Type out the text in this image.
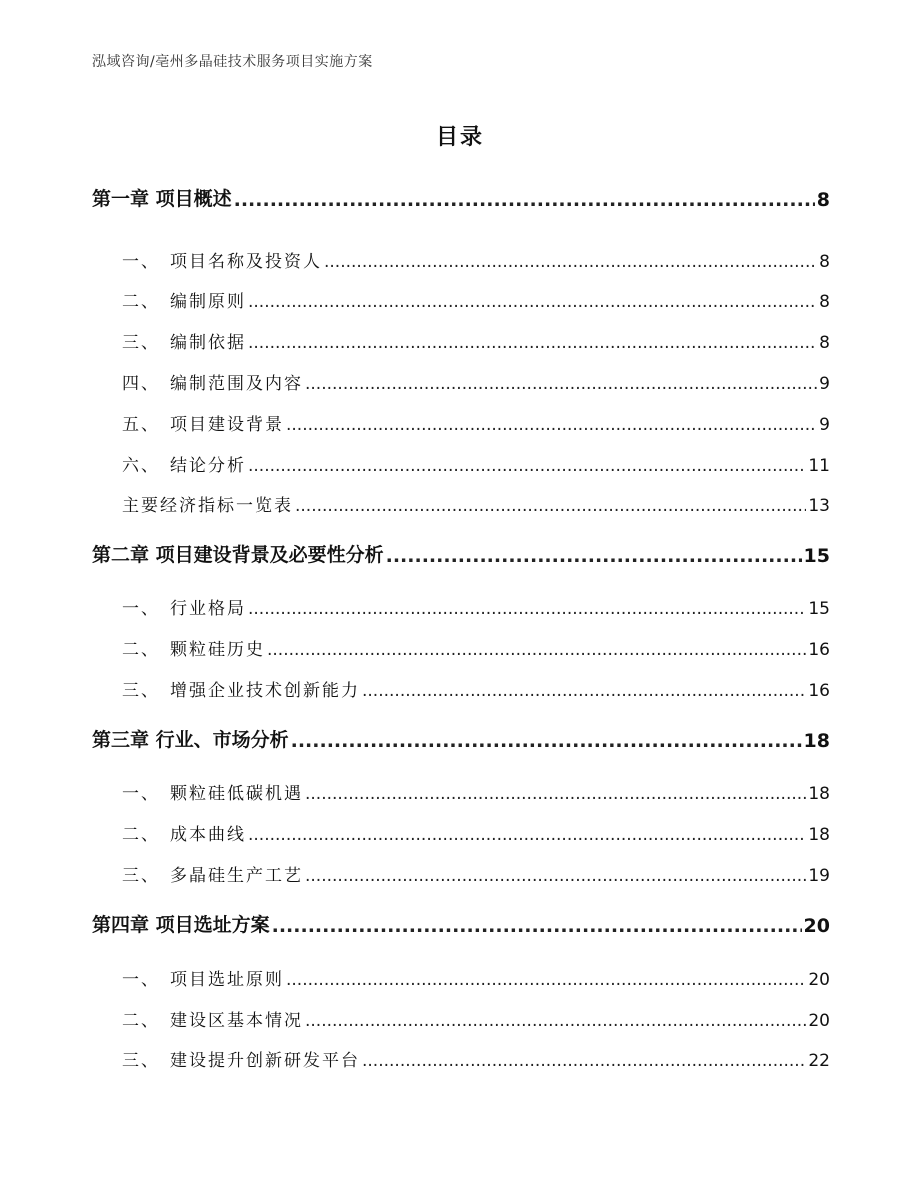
泓域咨询/亳州多晶硅技术服务项目实施方案
目录
第一章 项目概述 .....	8
一、 项目名称及投资人 .....	8
二、 编制原则 .....	8
三、 编制依据 .....	8
四、 编制范围及内容 .....	9
五、 项目建设背景 .....	9
六、 结论分析 .....	11
主要经济指标一览表 .....	13
第二章 项目建设背景及必要性分析 .....	15
一、 行业格局 .....	15
二、 颗粒硅历史 .....	16
三、 增强企业技术创新能力 .....	16
第三章 行业、市场分析 .....	18
一、 颗粒硅低碳机遇 .....	18
二、 成本曲线 .....	18
三、 多晶硅生产工艺 .....	19
第四章 项目选址方案 .....	20
一、 项目选址原则 .....	20
二、 建设区基本情况 .....	20
三、 建设提升创新研发平台 .....	22
